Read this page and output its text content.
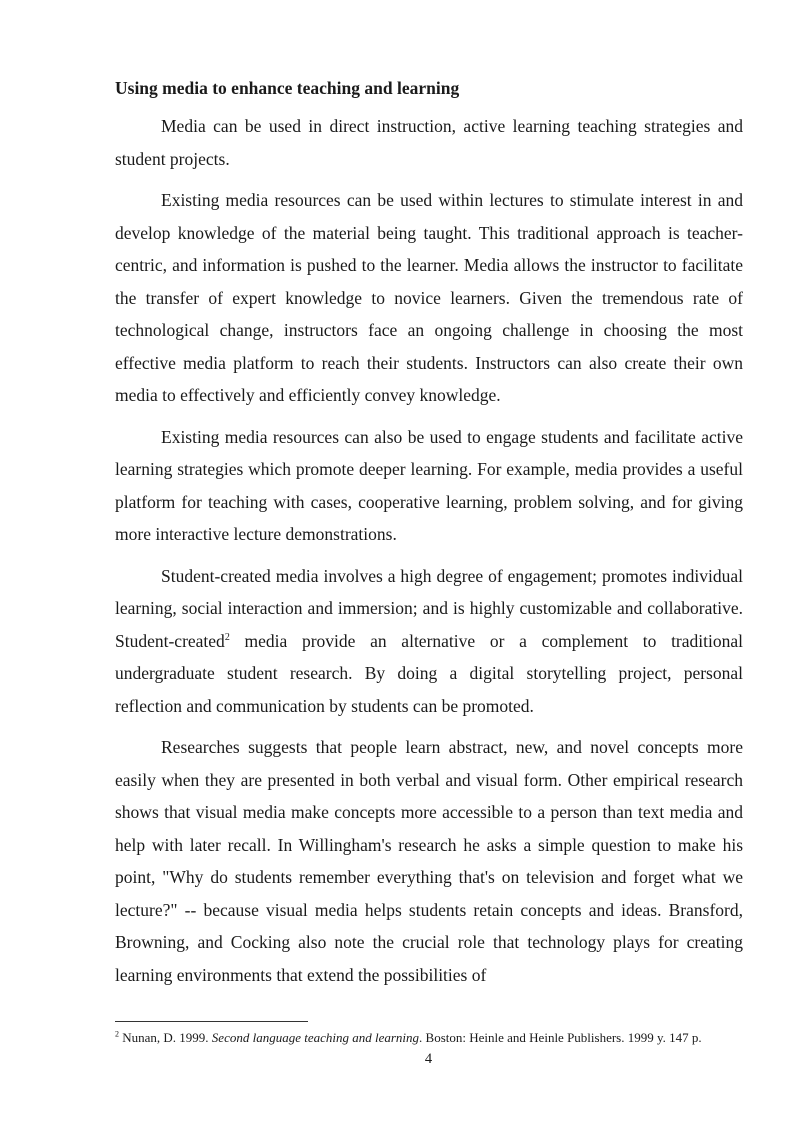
Using media to enhance teaching and learning

Media can be used in direct instruction, active learning teaching strategies and student projects.

Existing media resources can be used within lectures to stimulate interest in and develop knowledge of the material being taught. This traditional approach is teacher-centric, and information is pushed to the learner. Media allows the instructor to facilitate the transfer of expert knowledge to novice learners. Given the tremendous rate of technological change, instructors face an ongoing challenge in choosing the most effective media platform to reach their students. Instructors can also create their own media to effectively and efficiently convey knowledge.

Existing media resources can also be used to engage students and facilitate active learning strategies which promote deeper learning. For example, media provides a useful platform for teaching with cases, cooperative learning, problem solving, and for giving more interactive lecture demonstrations.

Student-created media involves a high degree of engagement; promotes individual learning, social interaction and immersion; and is highly customizable and collaborative. Student-created$^2$ media provide an alternative or a complement to traditional undergraduate student research. By doing a digital storytelling project, personal reflection and communication by students can be promoted.

Researches suggests that people learn abstract, new, and novel concepts more easily when they are presented in both verbal and visual form. Other empirical research shows that visual media make concepts more accessible to a person than text media and help with later recall. In Willingham's research he asks a simple question to make his point, "Why do students remember everything that's on television and forget what we lecture?" -- because visual media helps students retain concepts and ideas. Bransford, Browning, and Cocking also note the crucial role that technology plays for creating learning environments that extend the possibilities of

$^2$ Nunan, D. 1999. Second language teaching and learning. Boston: Heinle and Heinle Publishers. 1999 y. 147 p.
4
